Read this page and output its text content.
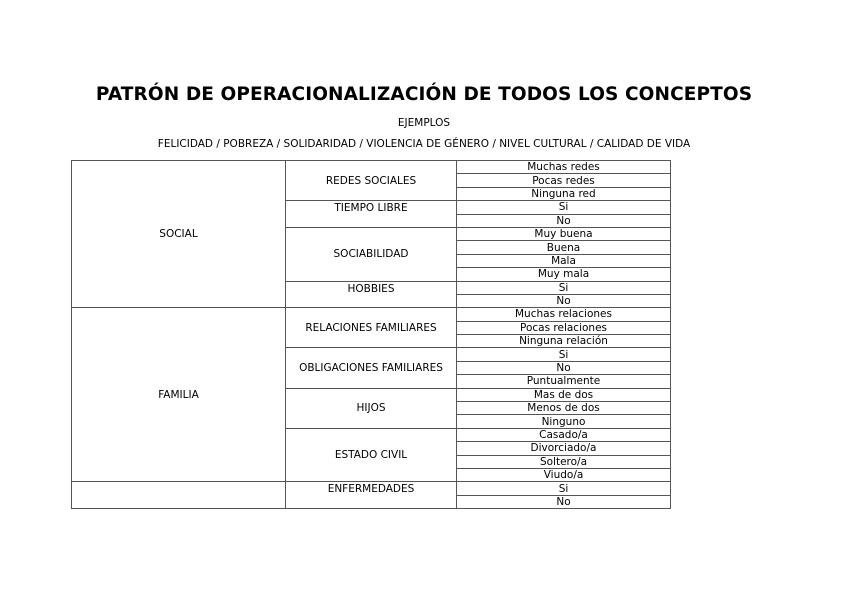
PATRÓN DE OPERACIONALIZACIÓN DE TODOS LOS CONCEPTOS
EJEMPLOS
FELICIDAD / POBREZA / SOLIDARIDAD / VIOLENCIA DE GÉNERO / NIVEL CULTURAL / CALIDAD DE VIDA
SOCIAL	REDES SOCIALES	Muchas redes
		Pocas redes
		Ninguna red

	TIEMPO LIBRE	Si
		No
	SOCIABILIDAD	Muy buena
		Buena
		Mala
		Muy mala

	HOBBIES	Si
		No
FAMILIA	RELACIONES FAMILIARES	Muchas relaciones
		Pocas relaciones
		Ninguna relación
	OBLIGACIONES FAMILIARES	Si
		No
		Puntualmente
	HIJOS	Mas de dos
		Menos de dos
		Ninguno
	ESTADO CIVIL	Casado/a
		Divorciado/a
		Soltero/a
		Viudo/a

	ENFERMEDADES	Si
		No
